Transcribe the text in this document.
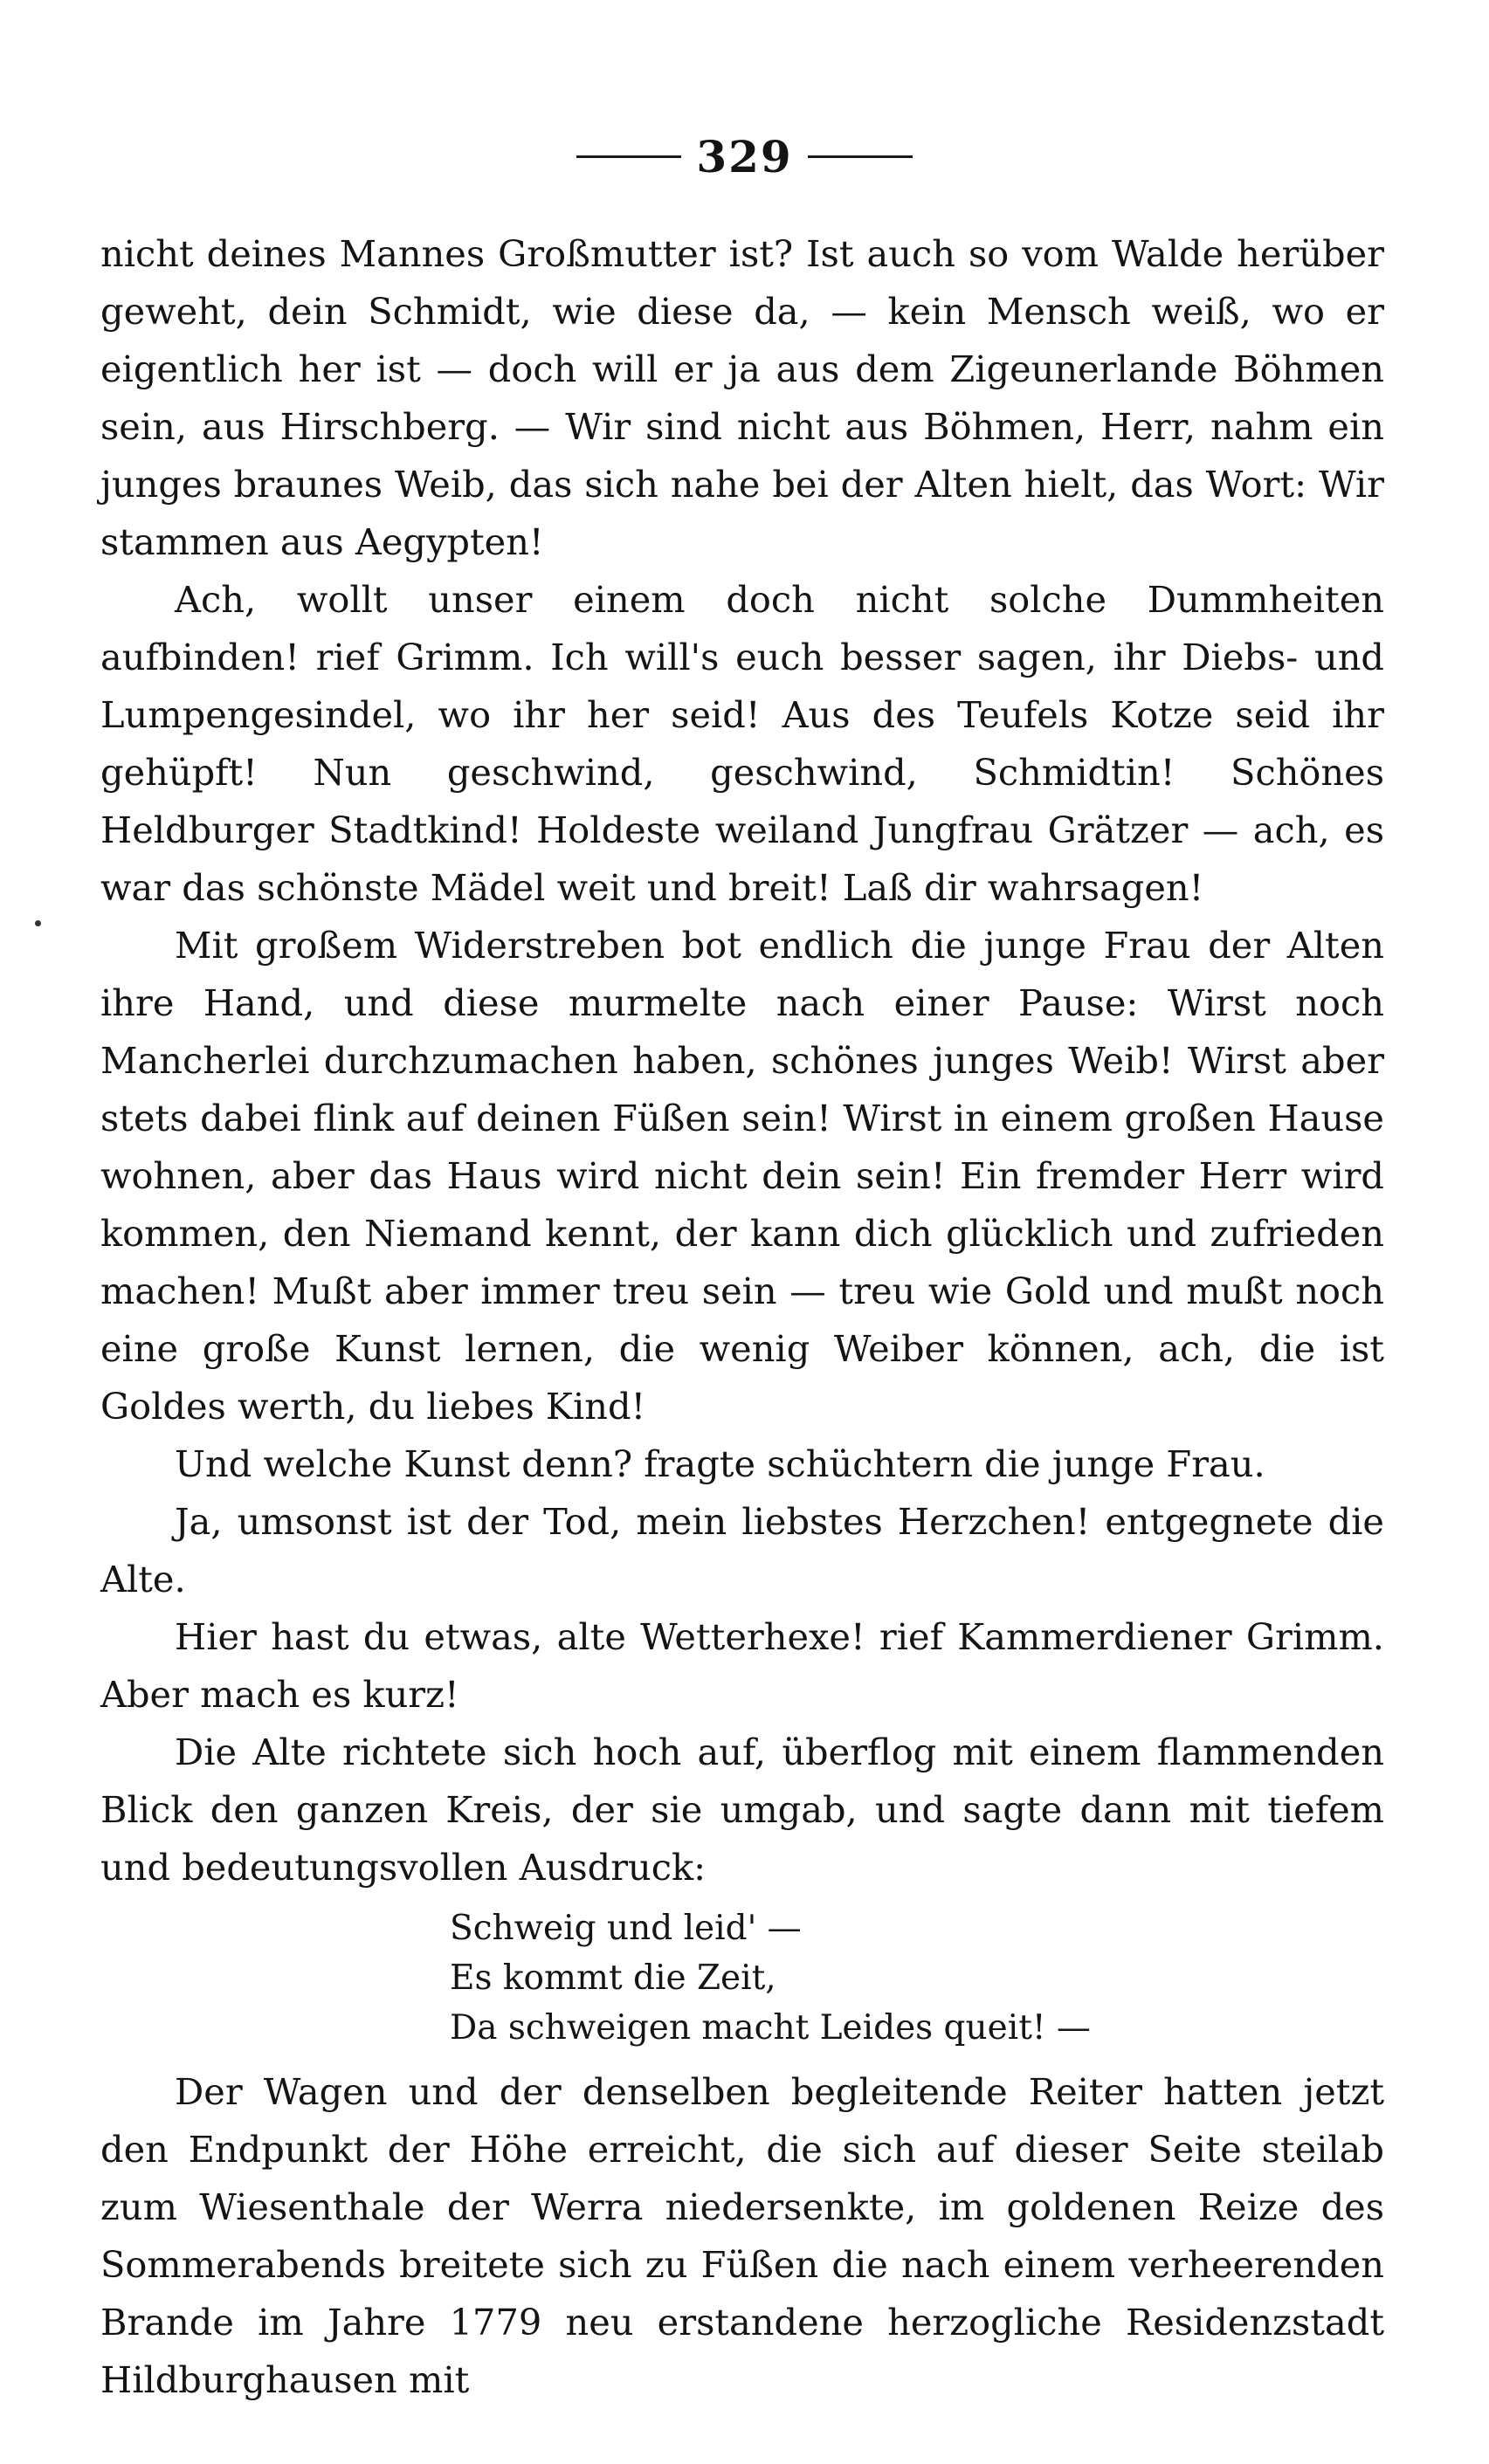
329

nicht deines Mannes Großmutter ist? Ist auch so vom Walde herüber geweht, dein Schmidt, wie diese da, — kein Mensch weiß, wo er eigentlich her ist — doch will er ja aus dem Zigeunerlande Böhmen sein, aus Hirschberg. — Wir sind nicht aus Böhmen, Herr, nahm ein junges braunes Weib, das sich nahe bei der Alten hielt, das Wort: Wir stammen aus Aegypten!

Ach, wollt unser einem doch nicht solche Dummheiten aufbinden! rief Grimm. Ich will's euch besser sagen, ihr Diebs- und Lumpengesindel, wo ihr her seid! Aus des Teufels Kotze seid ihr gehüpft! Nun geschwind, geschwind, Schmidtin! Schönes Heldburger Stadtkind! Holdeste weiland Jungfrau Grätzer — ach, es war das schönste Mädel weit und breit! Laß dir wahrsagen!

Mit großem Widerstreben bot endlich die junge Frau der Alten ihre Hand, und diese murmelte nach einer Pause: Wirst noch Mancherlei durchzumachen haben, schönes junges Weib! Wirst aber stets dabei flink auf deinen Füßen sein! Wirst in einem großen Hause wohnen, aber das Haus wird nicht dein sein! Ein fremder Herr wird kommen, den Niemand kennt, der kann dich glücklich und zufrieden machen! Mußt aber immer treu sein — treu wie Gold und mußt noch eine große Kunst lernen, die wenig Weiber können, ach, die ist Goldes werth, du liebes Kind!

Und welche Kunst denn? fragte schüchtern die junge Frau.

Ja, umsonst ist der Tod, mein liebstes Herzchen! entgegnete die Alte.

Hier hast du etwas, alte Wetterhexe! rief Kammerdiener Grimm. Aber mach es kurz!

Die Alte richtete sich hoch auf, überflog mit einem flammenden Blick den ganzen Kreis, der sie umgab, und sagte dann mit tiefem und bedeutungsvollen Ausdruck:

Schweig und leid' —
Es kommt die Zeit,
Da schweigen macht Leides queit! —

Der Wagen und der denselben begleitende Reiter hatten jetzt den Endpunkt der Höhe erreicht, die sich auf dieser Seite steilab zum Wiesenthale der Werra niedersenkte, im goldenen Reize des Sommerabends breitete sich zu Füßen die nach einem verheerenden Brande im Jahre 1779 neu erstandene herzogliche Residenzstadt Hildburghausen mit
